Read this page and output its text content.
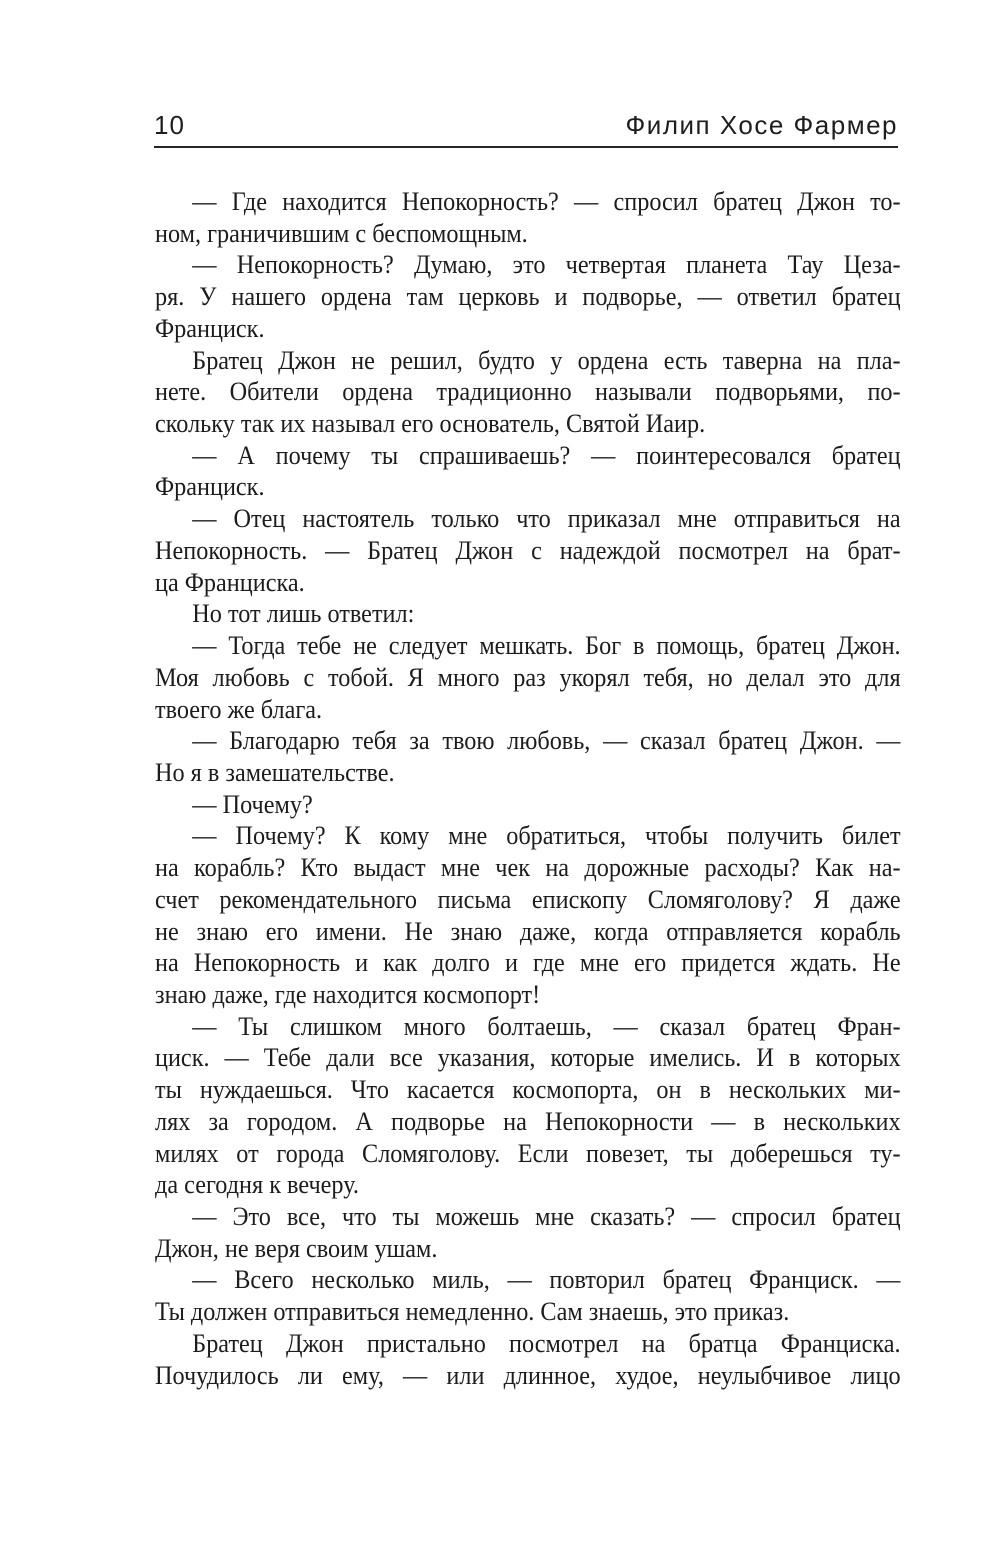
10	Филип Хосе Фармер
— Где находится Непокорность? — спросил братец Джон то-
ном, граничившим с беспомощным.
— Непокорность? Думаю, это четвертая планета Тау Цеза-
ря. У нашего ордена там церковь и подворье, — ответил братец
Франциск.
Братец Джон не решил, будто у ордена есть таверна на пла-
нете. Обители ордена традиционно называли подворьями, по-
скольку так их называл его основатель, Святой Иаир.
— А почему ты спрашиваешь? — поинтересовался братец
Франциск.
— Отец настоятель только что приказал мне отправиться на
Непокорность. — Братец Джон с надеждой посмотрел на брат-
ца Франциска.
Но тот лишь ответил:
— Тогда тебе не следует мешкать. Бог в помощь, братец Джон.
Моя любовь с тобой. Я много раз укорял тебя, но делал это для
твоего же блага.
— Благодарю тебя за твою любовь, — сказал братец Джон. —
Но я в замешательстве.
— Почему?
— Почему? К кому мне обратиться, чтобы получить билет
на корабль? Кто выдаст мне чек на дорожные расходы? Как на-
счет рекомендательного письма епископу Сломяголову? Я даже
не знаю его имени. Не знаю даже, когда отправляется корабль
на Непокорность и как долго и где мне его придется ждать. Не
знаю даже, где находится космопорт!
— Ты слишком много болтаешь, — сказал братец Фран-
циск. — Тебе дали все указания, которые имелись. И в которых
ты нуждаешься. Что касается космопорта, он в нескольких ми-
лях за городом. А подворье на Непокорности — в нескольких
милях от города Сломяголову. Если повезет, ты доберешься ту-
да сегодня к вечеру.
— Это все, что ты можешь мне сказать? — спросил братец
Джон, не веря своим ушам.
— Всего несколько миль, — повторил братец Франциск. —
Ты должен отправиться немедленно. Сам знаешь, это приказ.
Братец Джон пристально посмотрел на братца Франциска.
Почудилось ли ему, — или длинное, худое, неулыбчивое лицо
